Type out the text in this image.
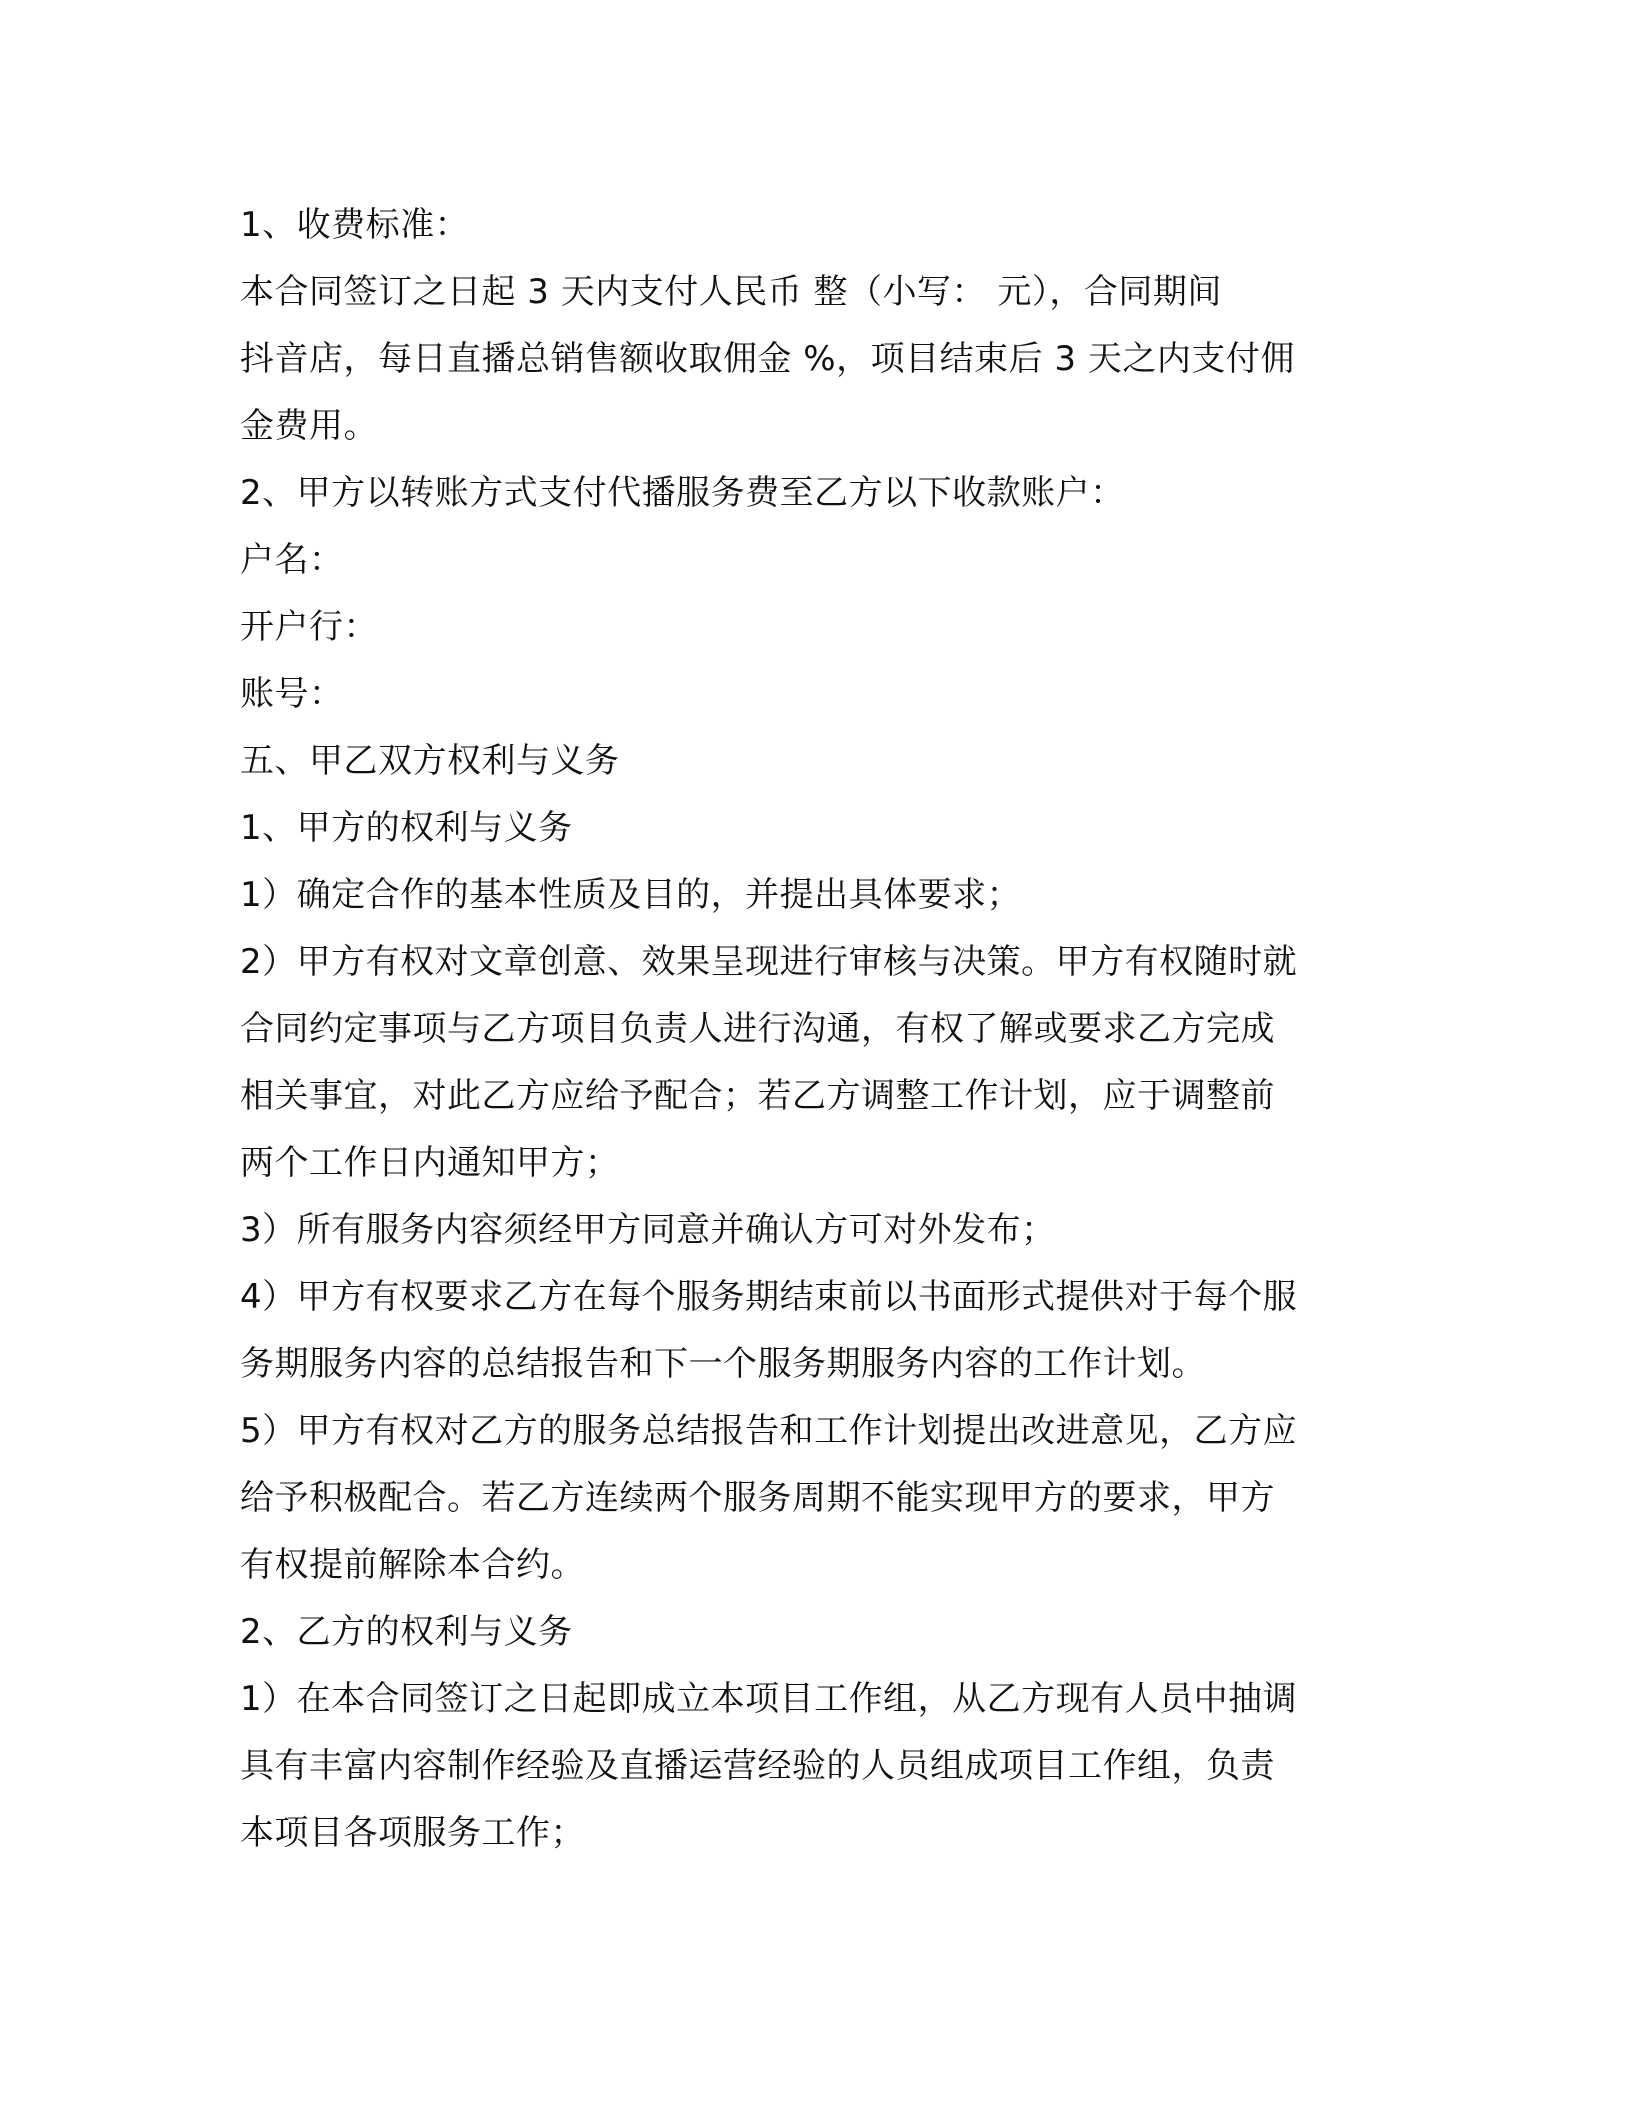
1、收费标准：
本合同签订之日起 3 天内支付人民币 整（小写： 元），合同期间
抖音店，每日直播总销售额收取佣金 %，项目结束后 3 天之内支付佣
金费用。
2、甲方以转账方式支付代播服务费至乙方以下收款账户：
户名：
开户行：
账号：
五、甲乙双方权利与义务
1、甲方的权利与义务
1）确定合作的基本性质及目的，并提出具体要求；
2）甲方有权对文章创意、效果呈现进行审核与决策。甲方有权随时就
合同约定事项与乙方项目负责人进行沟通，有权了解或要求乙方完成
相关事宜，对此乙方应给予配合；若乙方调整工作计划，应于调整前
两个工作日内通知甲方；
3）所有服务内容须经甲方同意并确认方可对外发布；
4）甲方有权要求乙方在每个服务期结束前以书面形式提供对于每个服
务期服务内容的总结报告和下一个服务期服务内容的工作计划。
5）甲方有权对乙方的服务总结报告和工作计划提出改进意见，乙方应
给予积极配合。若乙方连续两个服务周期不能实现甲方的要求，甲方
有权提前解除本合约。
2、乙方的权利与义务
1）在本合同签订之日起即成立本项目工作组，从乙方现有人员中抽调
具有丰富内容制作经验及直播运营经验的人员组成项目工作组，负责
本项目各项服务工作；
